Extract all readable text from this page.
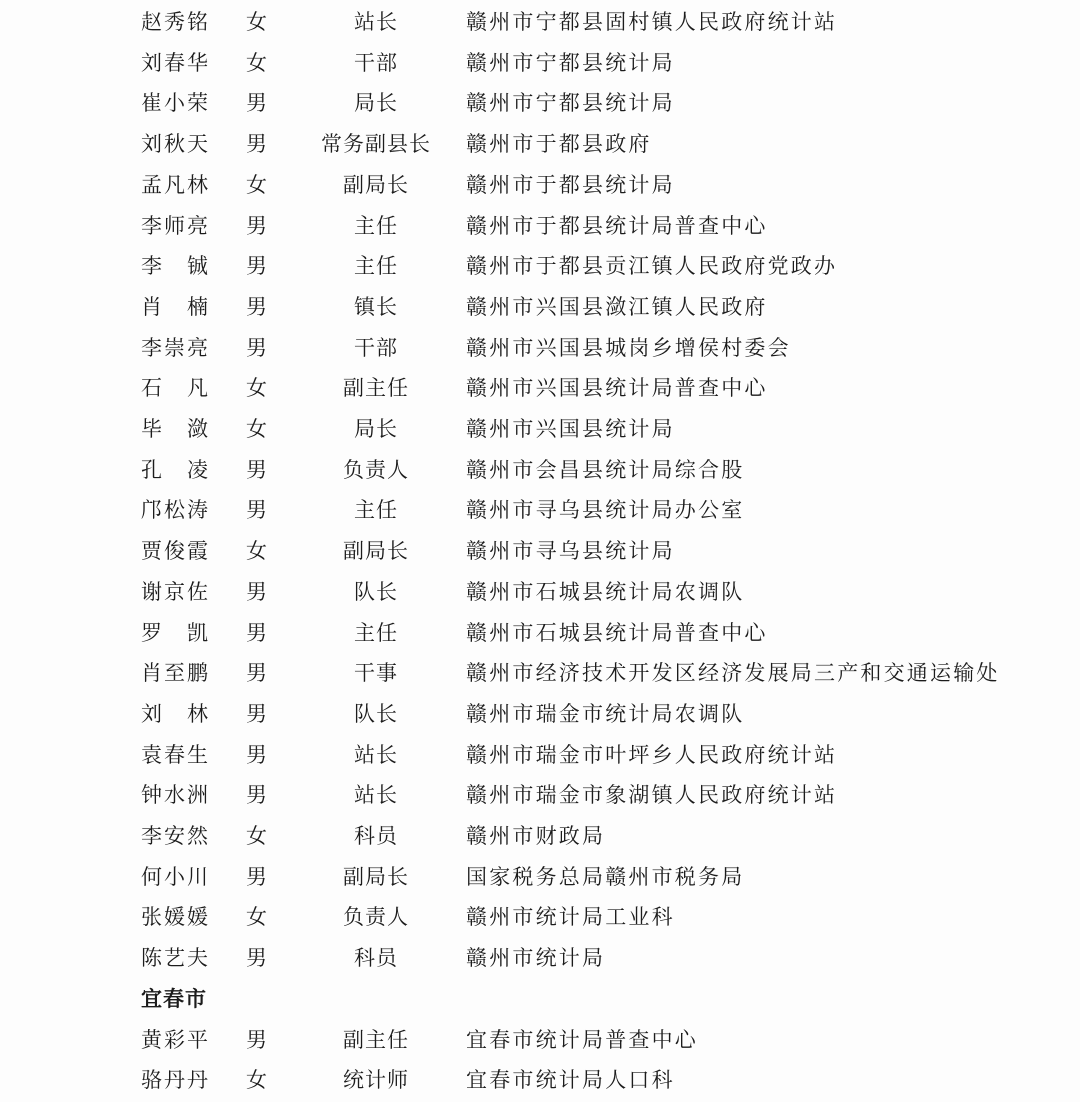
赵秀铭	女	站长	赣州市宁都县固村镇人民政府统计站
刘春华	女	干部	赣州市宁都县统计局
崔小荣	男	局长	赣州市宁都县统计局
刘秋天	男	常务副县长 赣州市于都县政府
孟凡林	女	副局长	赣州市于都县统计局
李师亮	男	主任	赣州市于都县统计局普查中心
李　铖	男	主任	赣州市于都县贡江镇人民政府党政办
肖　楠	男	镇长	赣州市兴国县潋江镇人民政府
李崇亮	男	干部	赣州市兴国县城岗乡增侯村委会
石　凡	女	副主任	赣州市兴国县统计局普查中心
毕　潋	女	局长	赣州市兴国县统计局
孔　凌	男	负责人	赣州市会昌县统计局综合股
邝松涛	男	主任	赣州市寻乌县统计局办公室
贾俊霞	女	副局长	赣州市寻乌县统计局
谢京佐	男	队长	赣州市石城县统计局农调队
罗　凯	男	主任	赣州市石城县统计局普查中心
肖至鹏	男	干事	赣州市经济技术开发区经济发展局三产和交通运输处
刘　林	男	队长	赣州市瑞金市统计局农调队
袁春生	男	站长	赣州市瑞金市叶坪乡人民政府统计站
钟水洲	男	站长	赣州市瑞金市象湖镇人民政府统计站
李安然	女	科员	赣州市财政局
何小川	男	副局长	国家税务总局赣州市税务局
张媛媛	女	负责人	赣州市统计局工业科
陈艺夫	男	科员	赣州市统计局
宜春市
黄彩平	男	副主任	宜春市统计局普查中心
骆丹丹	女	统计师	宜春市统计局人口科
